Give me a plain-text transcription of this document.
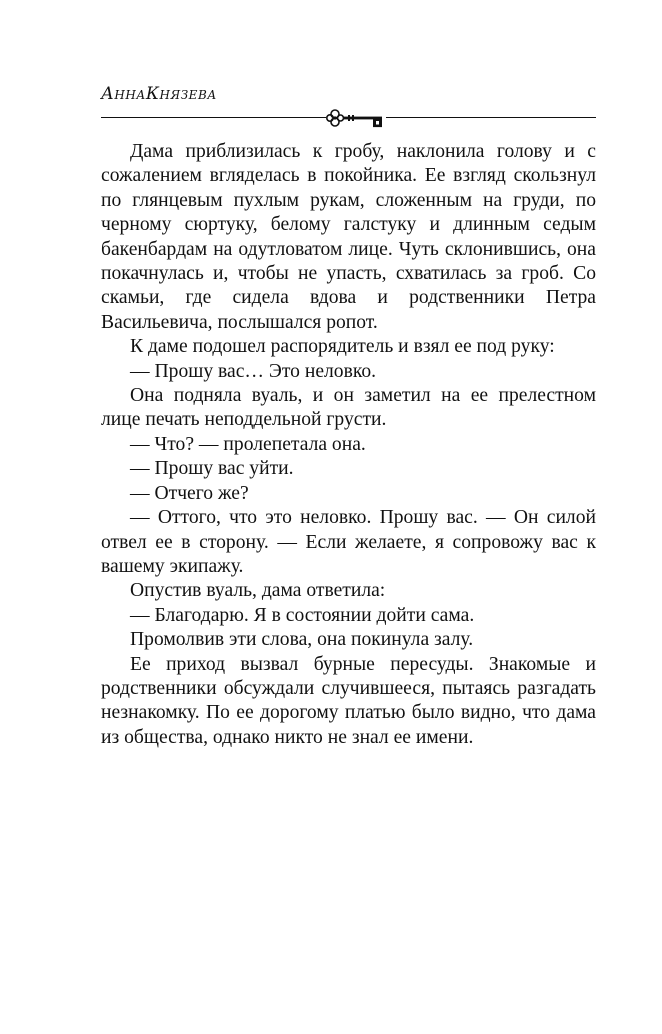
АннаКнязева

Дама приблизилась к гробу, наклонила голову и с сожалением вгляделась в покойника. Ее взгляд скользнул по глянцевым пухлым рукам, сложенным на груди, по черному сюртуку, белому галстуку и длинным седым бакенбардам на одутловатом лице. Чуть склонившись, она покачнулась и, чтобы не упасть, схватилась за гроб. Со скамьи, где сидела вдова и родственники Петра Васильевича, послышался ропот.

К даме подошел распорядитель и взял ее под руку:

— Прошу вас… Это неловко.

Она подняла вуаль, и он заметил на ее прелестном лице печать неподдельной грусти.

— Что? — пролепетала она.

— Прошу вас уйти.

— Отчего же?

— Оттого, что это неловко. Прошу вас. — Он силой отвел ее в сторону. — Если желаете, я сопровожу вас к вашему экипажу.

Опустив вуаль, дама ответила:

— Благодарю. Я в состоянии дойти сама.

Промолвив эти слова, она покинула залу.

Ее приход вызвал бурные пересуды. Знакомые и родственники обсуждали случившееся, пытаясь разгадать незнакомку. По ее дорогому платью было видно, что дама из общества, однако никто не знал ее имени.
